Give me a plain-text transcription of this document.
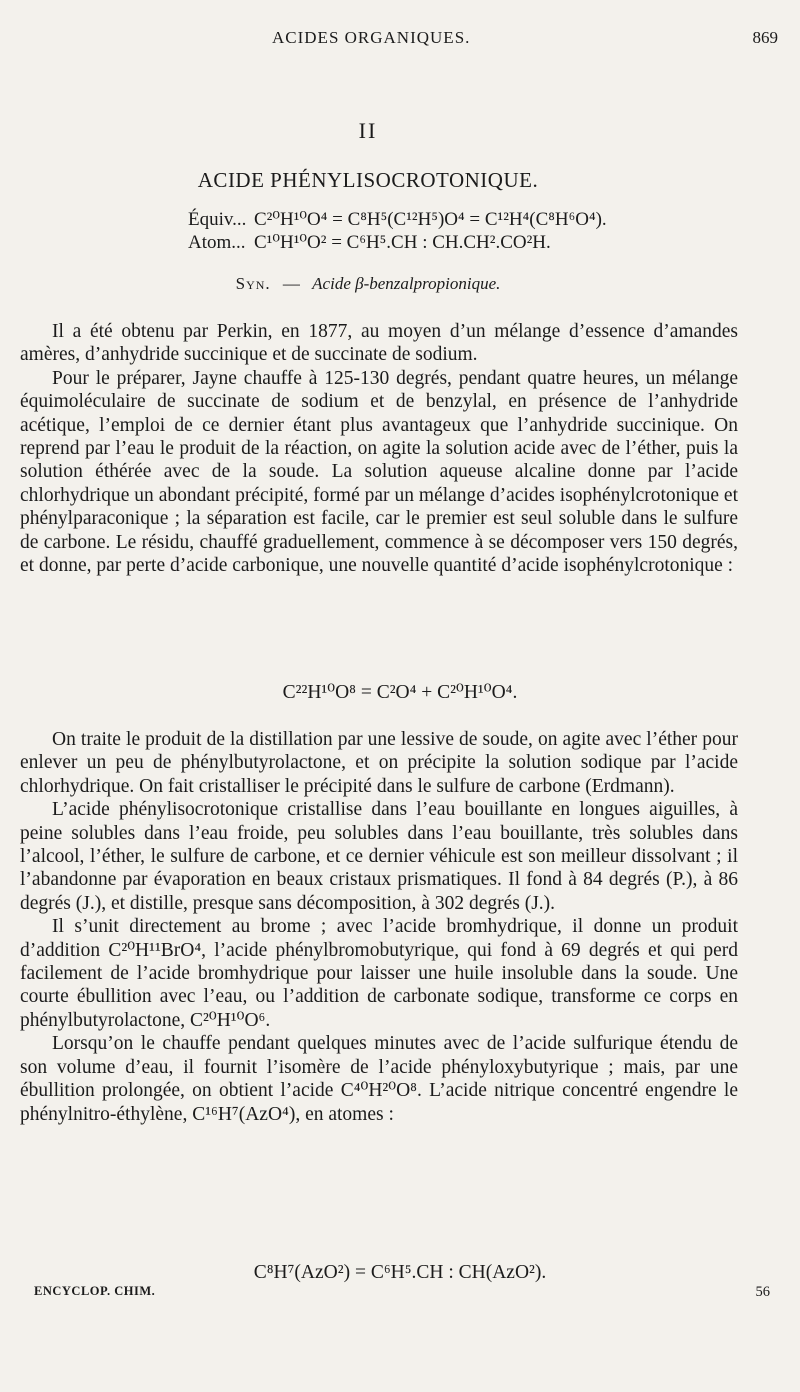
ACIDES ORGANIQUES.	869
II
ACIDE PHÉNYLISOCROTONIQUE.
Équiv... C²⁰H¹⁰O⁴ = C⁸H⁵(C¹²H⁵)O⁴ = C¹²H⁴(C⁸H⁶O⁴).
Atom... C¹⁰H¹⁰O² = C⁶H⁵.CH : CH.CH².CO²H.
Syn. — Acide β-benzalpropionique.

Il a été obtenu par Perkin, en 1877, au moyen d’un mélange d’essence d’amandes amères, d’anhydride succinique et de succinate de sodium.

Pour le préparer, Jayne chauffe à 125-130 degrés, pendant quatre heures, un mélange équimoléculaire de succinate de sodium et de benzylal, en présence de l’anhydride acétique, l’emploi de ce dernier étant plus avantageux que l’anhydride succinique. On reprend par l’eau le produit de la réaction, on agite la solution acide avec de l’éther, puis la solution éthérée avec de la soude. La solution aqueuse alcaline donne par l’acide chlorhydrique un abondant précipité, formé par un mélange d’acides isophénylcrotonique et phénylparaconique ; la séparation est facile, car le premier est seul soluble dans le sulfure de carbone. Le résidu, chauffé graduellement, commence à se décomposer vers 150 degrés, et donne, par perte d’acide carbonique, une nouvelle quantité d’acide isophénylcrotonique :

C²²H¹⁰O⁸ = C²O⁴ + C²⁰H¹⁰O⁴.

On traite le produit de la distillation par une lessive de soude, on agite avec l’éther pour enlever un peu de phénylbutyrolactone, et on précipite la solution sodique par l’acide chlorhydrique. On fait cristalliser le précipité dans le sulfure de carbone (Erdmann).

L’acide phénylisocrotonique cristallise dans l’eau bouillante en longues aiguilles, à peine solubles dans l’eau froide, peu solubles dans l’eau bouillante, très solubles dans l’alcool, l’éther, le sulfure de carbone, et ce dernier véhicule est son meilleur dissolvant ; il l’abandonne par évaporation en beaux cristaux prismatiques. Il fond à 84 degrés (P.), à 86 degrés (J.), et distille, presque sans décomposition, à 302 degrés (J.).

Il s’unit directement au brome ; avec l’acide bromhydrique, il donne un produit d’addition C²⁰H¹¹BrO⁴, l’acide phénylbromobutyrique, qui fond à 69 degrés et qui perd facilement de l’acide bromhydrique pour laisser une huile insoluble dans la soude. Une courte ébullition avec l’eau, ou l’addition de carbonate sodique, transforme ce corps en phénylbutyrolactone, C²⁰H¹⁰O⁶.

Lorsqu’on le chauffe pendant quelques minutes avec de l’acide sulfurique étendu de son volume d’eau, il fournit l’isomère de l’acide phényloxybutyrique ; mais, par une ébullition prolongée, on obtient l’acide C⁴⁰H²⁰O⁸. L’acide nitrique concentré engendre le phénylnitro-éthylène, C¹⁶H⁷(AzO⁴), en atomes :

C⁸H⁷(AzO²) = C⁶H⁵.CH : CH(AzO²).
ENCYCLOP. CHIM.	56
